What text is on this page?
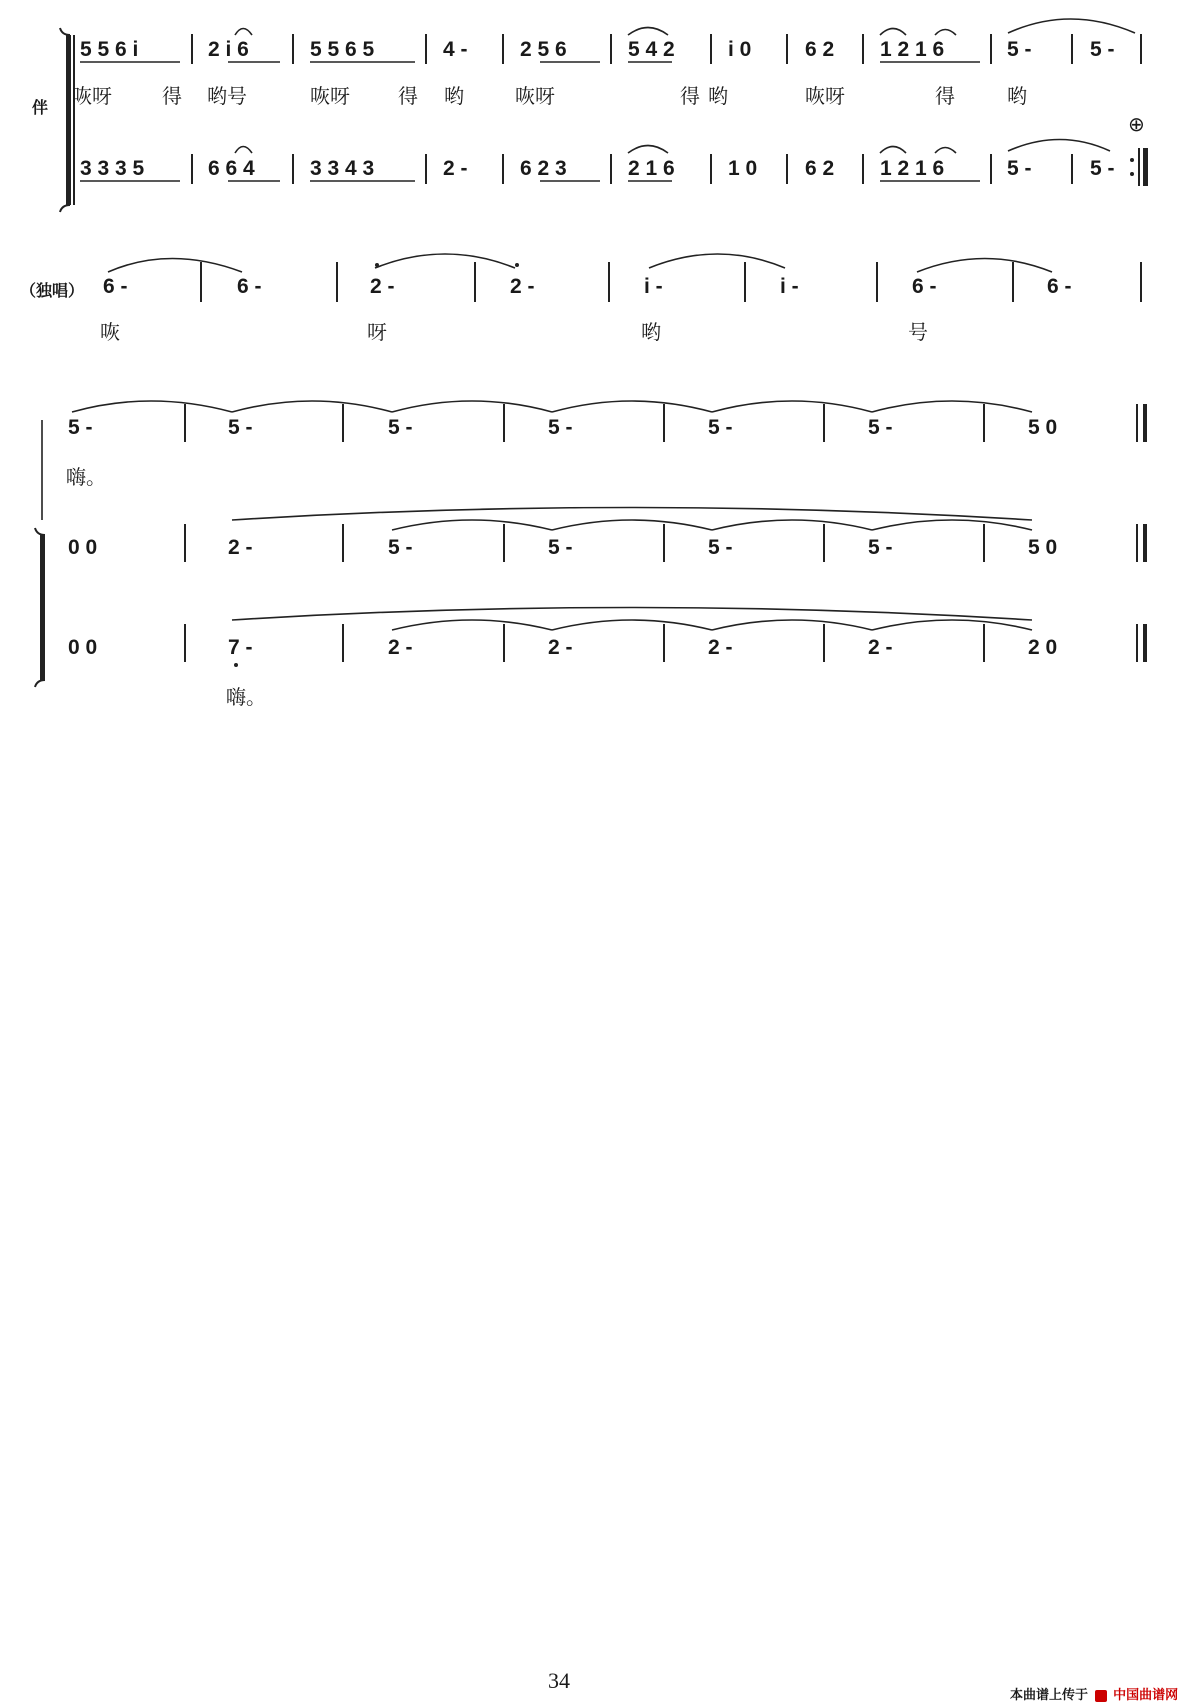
伴
5 5 6 i	2 i 6	5 5 6 5	4 - 2 5 6	5 4 2	i 0	6 2 1 2 1 6	5 -	5 -
咴呀	得 哟号	咴呀 得 哟	咴呀	得 哟	咴呀	得	哟
⊕
3 3 3 5	6 6 4	3 3 4 3	2 - 6 2 3	2 1 6	1 0 6 2 1 2 1 6	5 -	5 -
（独唱） 6 -	6 -	2 -	2 -	i -	i -	6 -	6 -
咴	呀	哟	号
5 -	5 -	5 -	5 -	5 -	5 -	5 0
嗨。
0 0	2 -	5 -	5 -	5 -	5 -	5 0
0 0	7 -	2 -	2 -	2 -	2 -	2 0
嗨。
34
本曲谱上传于 中国曲谱网
